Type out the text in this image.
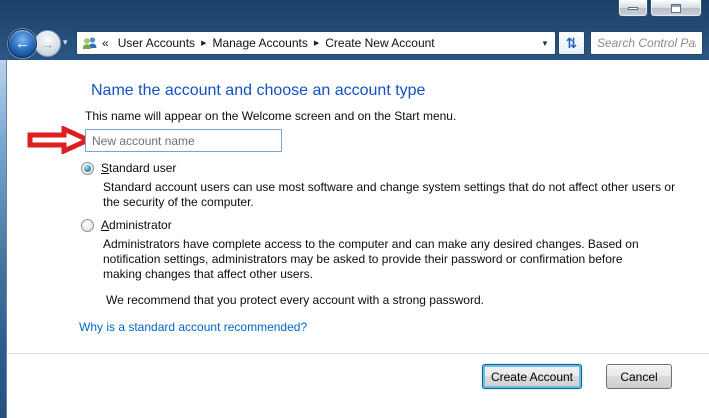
← → ▾	« User Accounts ▶ Manage Accounts ▶ Create New Account	▼ ⇅
Search Control Panel
Name the account and choose an account type
This name will appear on the Welcome screen and on the Start menu.
New account name
Standard user
Standard account users can use most software and change system settings that do not affect other users or
the security of the computer.
Administrator
Administrators have complete access to the computer and can make any desired changes. Based on
notification settings, administrators may be asked to provide their password or confirmation before
making changes that affect other users.
We recommend that you protect every account with a strong password.
Why is a standard account recommended?
Create Account	Cancel
